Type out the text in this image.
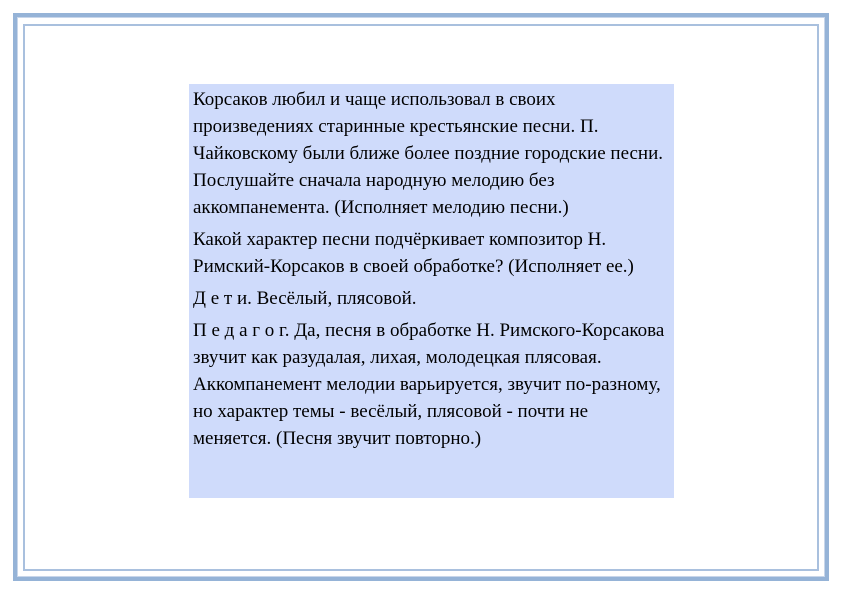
Корсаков любил и чаще использовал в своих произведениях старинные крестьянские песни. П. Чайковскому были ближе более поздние городские песни. Послушайте сначала народную мелодию без аккомпанемента. (Исполняет мелодию песни.)

Какой характер песни подчёркивает композитор Н. Римский-Корсаков в своей обработке? (Исполняет ее.)

Д е т и. Весёлый, плясовой.

П е д а г о г. Да, песня в обработке Н. Римского-Корсакова звучит как разудалая, лихая, молодецкая плясовая. Аккомпанемент мелодии варьируется, звучит по-разному, но характер темы - весёлый, плясовой - почти не меняется. (Песня звучит повторно.)
